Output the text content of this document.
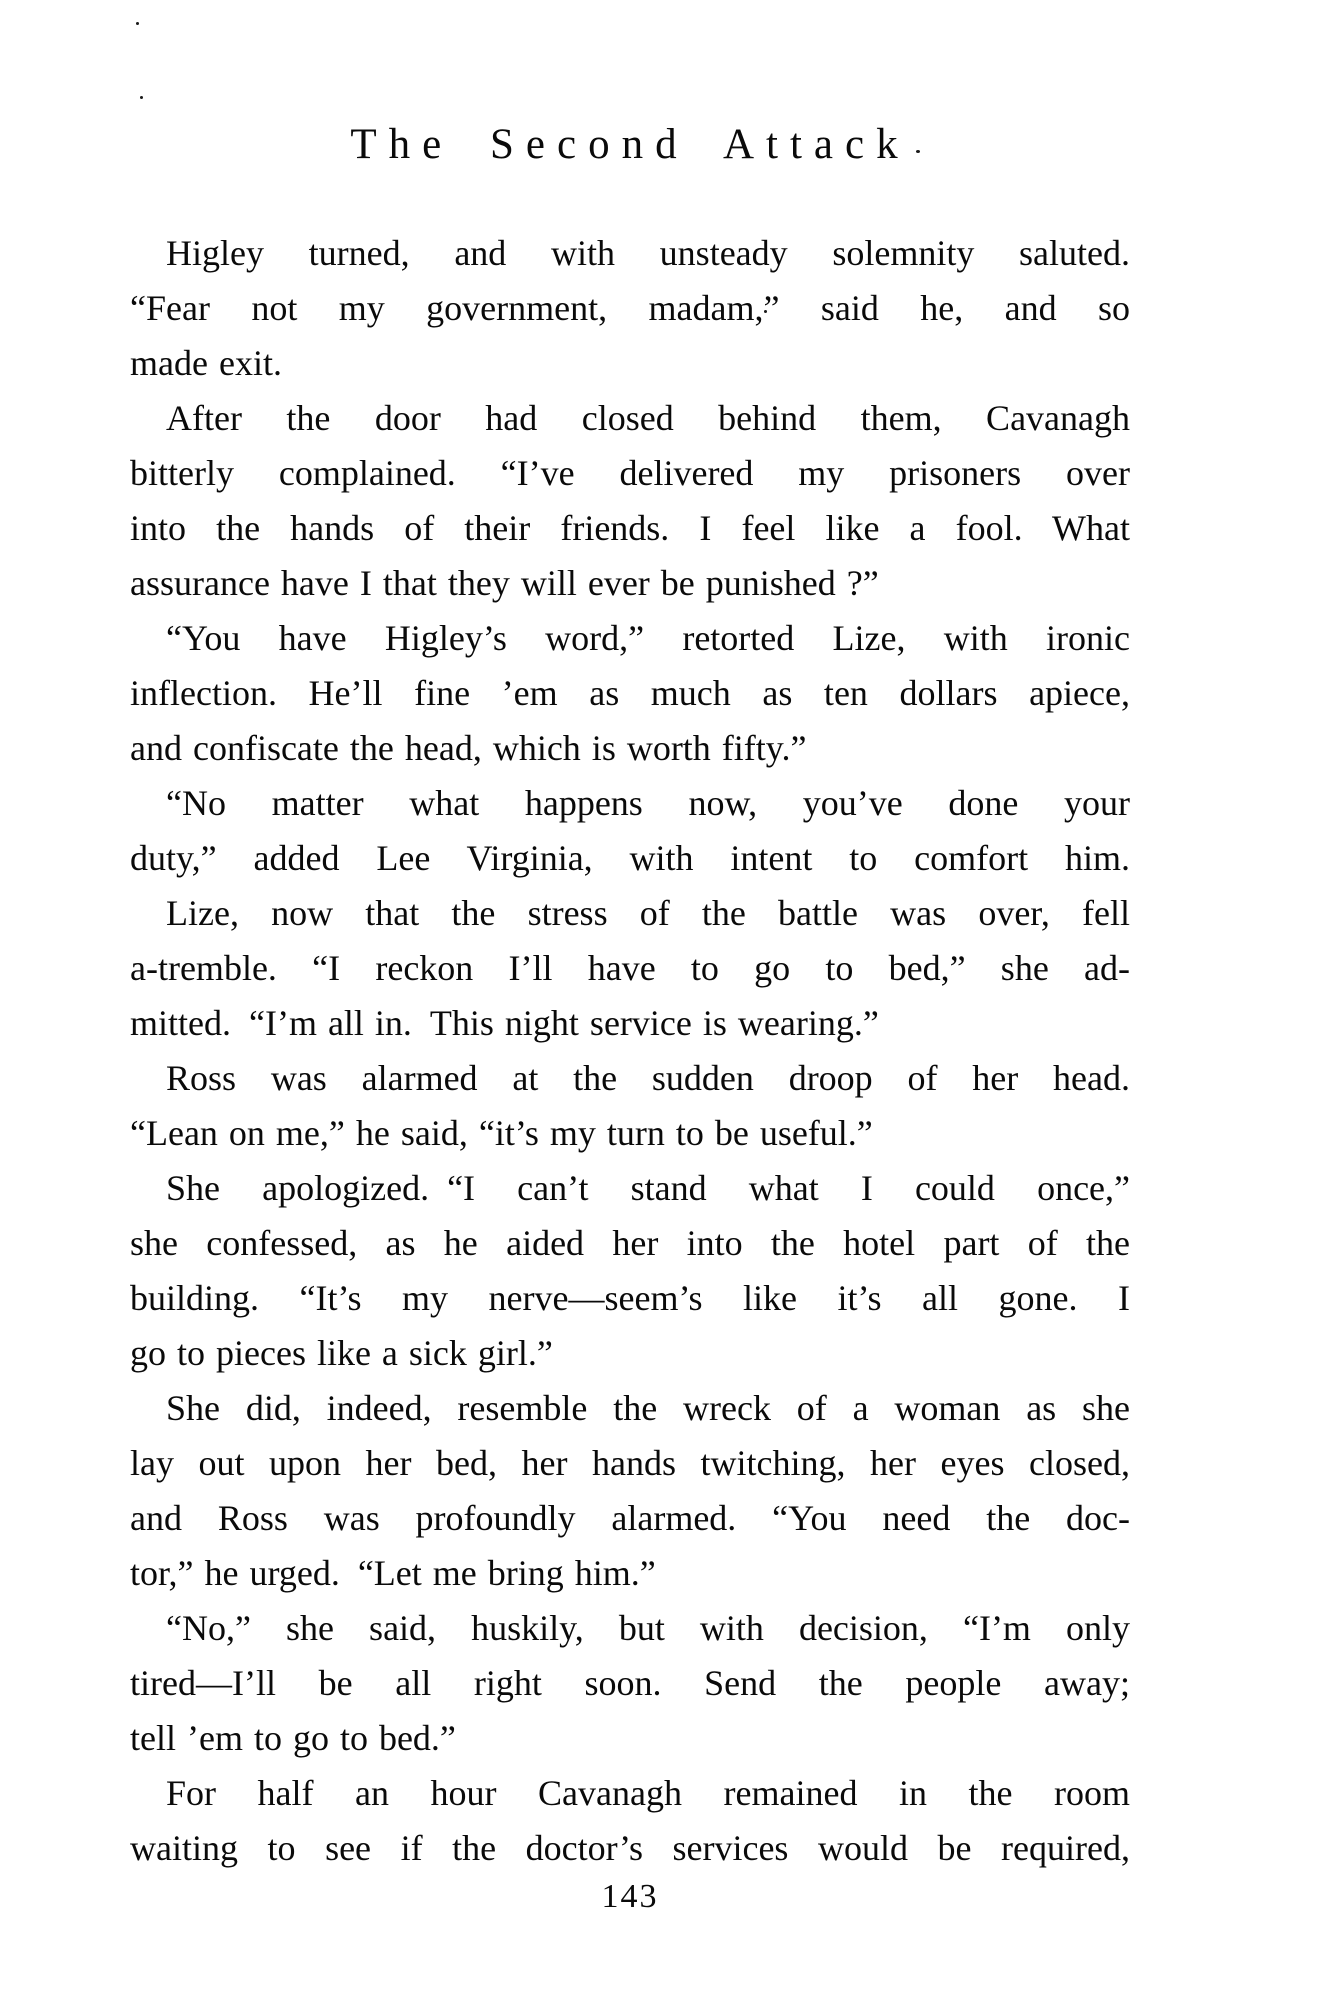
The Second Attack
Higley turned, and with unsteady solemnity saluted.
“Fear not my government, madam,” said he, and so
made exit.
After the door had closed behind them, Cavanagh
bitterly complained. “I’ve delivered my prisoners over
into the hands of their friends. I feel like a fool. What
assurance have I that they will ever be punished ?”
“You have Higley’s word,” retorted Lize, with ironic
inflection. He’ll fine ’em as much as ten dollars apiece,
and confiscate the head, which is worth fifty.”
“No matter what happens now, you’ve done your
duty,” added Lee Virginia, with intent to comfort him.
Lize, now that the stress of the battle was over, fell
a-tremble. “I reckon I’ll have to go to bed,” she ad-
mitted. “I’m all in. This night service is wearing.”
Ross was alarmed at the sudden droop of her head.
“Lean on me,” he said, “it’s my turn to be useful.”
She apologized. “I can’t stand what I could once,”
she confessed, as he aided her into the hotel part of the
building. “It’s my nerve—seem’s like it’s all gone. I
go to pieces like a sick girl.”
She did, indeed, resemble the wreck of a woman as she
lay out upon her bed, her hands twitching, her eyes closed,
and Ross was profoundly alarmed. “You need the doc-
tor,” he urged. “Let me bring him.”
“No,” she said, huskily, but with decision, “I’m only
tired—I’ll be all right soon. Send the people away;
tell ’em to go to bed.”
For half an hour Cavanagh remained in the room
waiting to see if the doctor’s services would be required,
143
